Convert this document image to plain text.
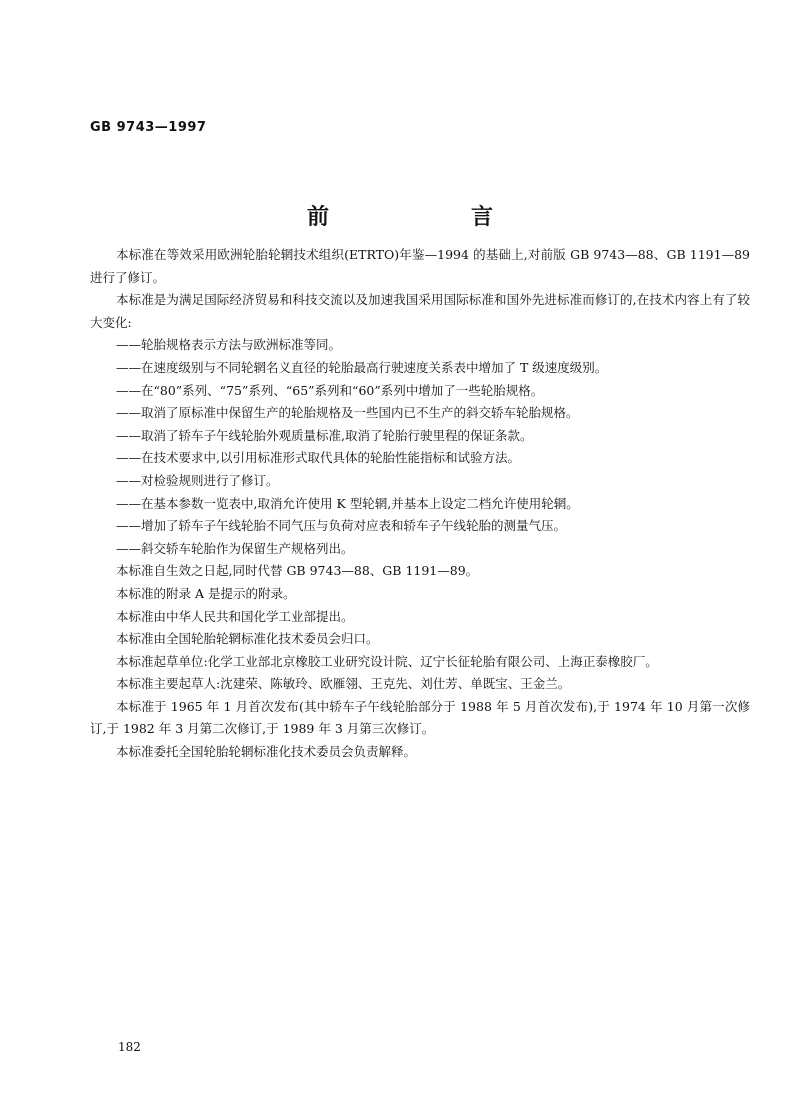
GB 9743—1997
前　言

本标准在等效采用欧洲轮胎轮辋技术组织(ETRTO)年鉴—1994 的基础上,对前版 GB 9743—88、GB 1191—89 进行了修订。

本标准是为满足国际经济贸易和科技交流以及加速我国采用国际标准和国外先进标准而修订的,在技术内容上有了较大变化:

——轮胎规格表示方法与欧洲标准等同。

——在速度级别与不同轮辋名义直径的轮胎最高行驶速度关系表中增加了 T 级速度级别。

——在“80”系列、“75”系列、“65”系列和“60”系列中增加了一些轮胎规格。

——取消了原标准中保留生产的轮胎规格及一些国内已不生产的斜交轿车轮胎规格。

——取消了轿车子午线轮胎外观质量标准,取消了轮胎行驶里程的保证条款。

——在技术要求中,以引用标准形式取代具体的轮胎性能指标和试验方法。

——对检验规则进行了修订。

——在基本参数一览表中,取消允许使用 K 型轮辋,并基本上设定二档允许使用轮辋。

——增加了轿车子午线轮胎不同气压与负荷对应表和轿车子午线轮胎的测量气压。

——斜交轿车轮胎作为保留生产规格列出。

本标准自生效之日起,同时代替 GB 9743—88、GB 1191—89。

本标准的附录 A 是提示的附录。

本标准由中华人民共和国化学工业部提出。

本标准由全国轮胎轮辋标准化技术委员会归口。

本标准起草单位:化学工业部北京橡胶工业研究设计院、辽宁长征轮胎有限公司、上海正泰橡胶厂。

本标准主要起草人:沈建荣、陈敏玲、欧雁翎、王克先、刘仕芳、单既宝、王金兰。

本标准于 1965 年 1 月首次发布(其中轿车子午线轮胎部分于 1988 年 5 月首次发布),于 1974 年 10 月第一次修订,于 1982 年 3 月第二次修订,于 1989 年 3 月第三次修订。

本标准委托全国轮胎轮辋标准化技术委员会负责解释。

182
